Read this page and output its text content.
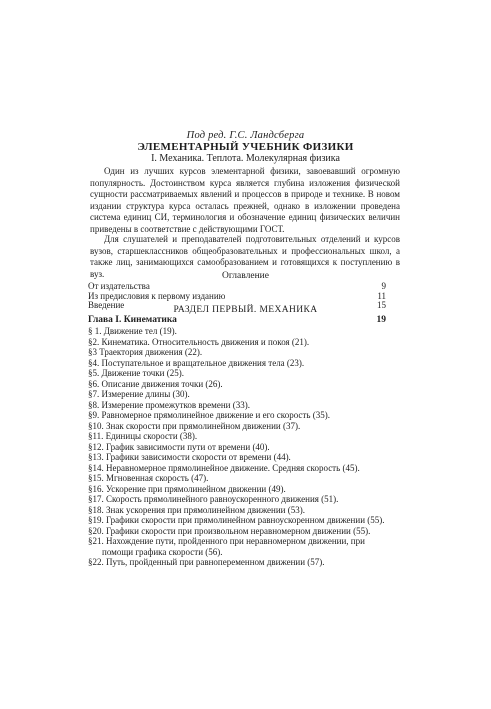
Под ред. Г.С. Ландсберга
ЭЛЕМЕНТАРНЫЙ УЧЕБНИК ФИЗИКИ
I. Механика. Теплота. Молекулярная физика

Один из лучших курсов элементарной физики, завоевавший огромную популярность. Достоинством курса является глубина изложения физической сущности рассматриваемых явлений и процессов в природе и технике. В новом издании структура курса осталась прежней, однако в изложении проведена система единиц СИ, терминология и обозначение единиц физических величин приведены в соответствие с действующими ГОСТ.

Для слушателей и преподавателей подготовительных отделений и курсов вузов, старшеклассников общеобразовательных и профессиональных школ, а также лиц, занимающихся самообразованием и готовящихся к поступлению в вуз.	Оглавление
От издательства	9
Из предисловия к первому изданию	11
Введение	15
РАЗДЕЛ ПЕРВЫЙ. МЕХАНИКА
Глава I. Кинематика	19
§ 1. Движение тел (19).
§2. Кинематика. Относительность движения и покоя (21).
§3 Траектория движения (22).
§4. Поступательное и вращательное движения тела (23).
§5. Движение точки (25).
§6. Описание движения точки (26).
§7. Измерение длины (30).
§8. Измерение промежутков времени (33).
§9. Равномерное прямолинейное движение и его скорость (35).
§10. Знак скорости при прямолинейном движении (37).
§11. Единицы скорости (38).
§12. График зависимости пути от времени (40).
§13. Графики зависимости скорости от времени (44).
§14. Неравномерное прямолинейное движение. Средняя скорость (45).
§15. Мгновенная скорость (47).
§16. Ускорение при прямолинейном движении (49).
§17. Скорость прямолинейного равноускоренного движения (51).
§18. Знак ускорения при прямолинейном движении (53).
§19. Графики скорости при прямолинейном равноускоренном движении (55).
§20. Графики скорости при произвольном неравномерном движении (55).
§21. Нахождение пути, пройденного при неравномерном движении, при помощи графика скорости (56).
§22. Путь, пройденный при равнопеременном движении (57).
